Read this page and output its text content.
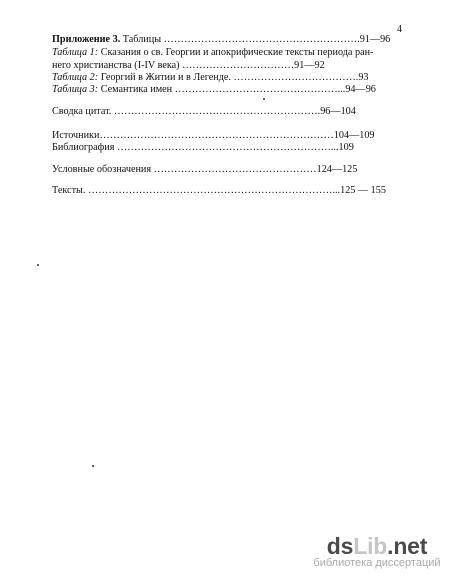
4
Приложение 3. Таблицы ………………………………………………….91—96
Таблица 1: Сказания о св. Георгии и апокрифические тексты периода ран-
него христианства (I-IV века) ……………………………91—92
Таблица 2: Георгий в Житии и в Легенде. ……………………………….93
Таблица 3: Семантика имен …………………………………………...94—96
Сводка цитат. …………………………………………………….96—104
Источники……………………………………………………………104—109
Библиография ………………………………………………………...109
Условные обозначения …………………………………………124—125
Тексты. ………………………………………………………………...125 — 155
dsLib.net
библиотека диссертаций
